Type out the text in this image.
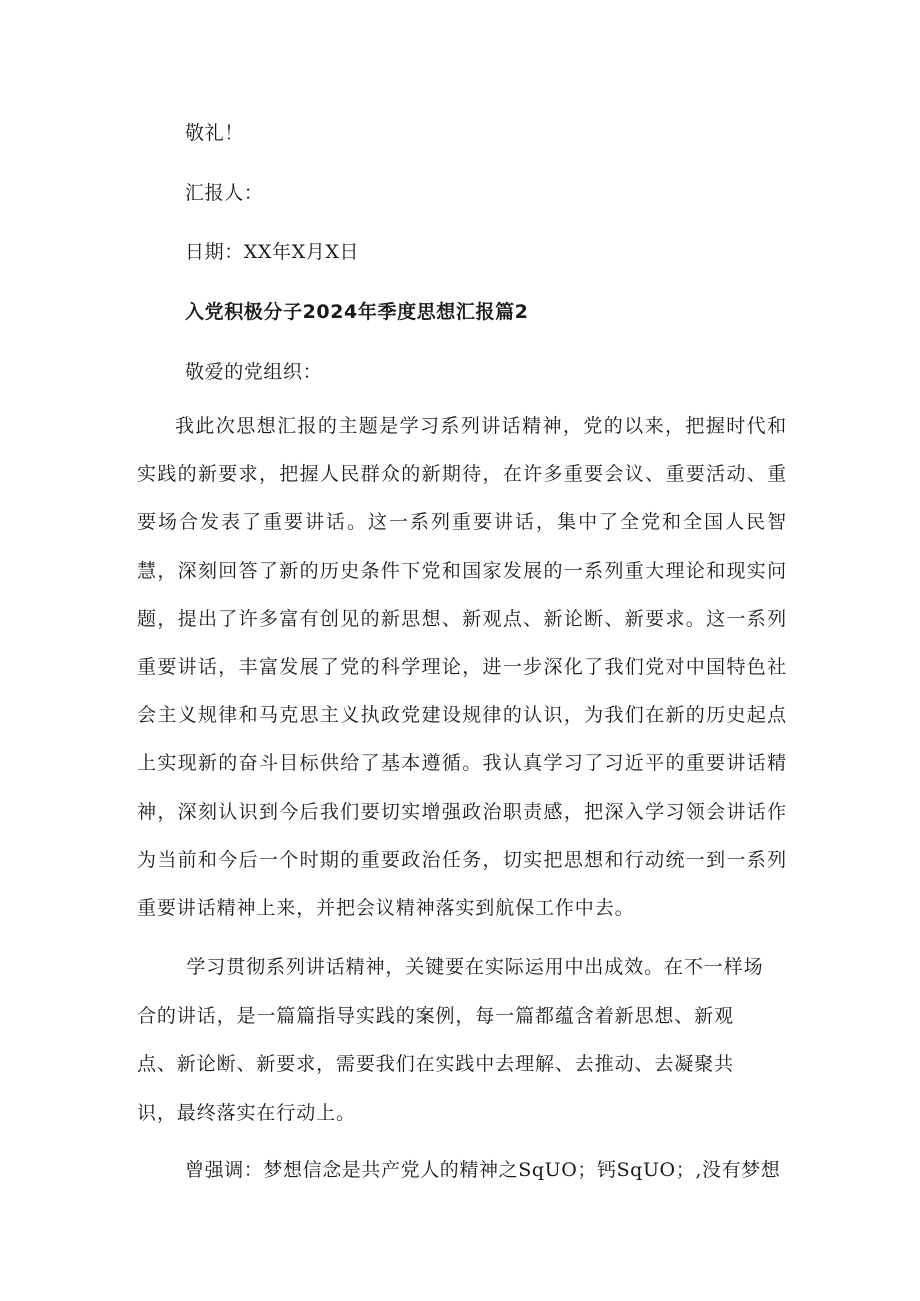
敬礼！
汇报人：
日期：XX年X月X日
入党积极分子2024年季度思想汇报篇2
敬爱的党组织：

我此次思想汇报的主题是学习系列讲话精神，党的以来，把握时代和实践的新要求，把握人民群众的新期待，在许多重要会议、重要活动、重要场合发表了重要讲话。这一系列重要讲话，集中了全党和全国人民智慧，深刻回答了新的历史条件下党和国家发展的一系列重大理论和现实问题，提出了许多富有创见的新思想、新观点、新论断、新要求。这一系列重要讲话，丰富发展了党的科学理论，进一步深化了我们党对中国特色社会主义规律和马克思主义执政党建设规律的认识，为我们在新的历史起点上实现新的奋斗目标供给了基本遵循。我认真学习了习近平的重要讲话精神，深刻认识到今后我们要切实增强政治职责感，把深入学习领会讲话作为当前和今后一个时期的重要政治任务，切实把思想和行动统一到一系列重要讲话精神上来，并把会议精神落实到航保工作中去。

学习贯彻系列讲话精神，关键要在实际运用中出成效。在不一样场
合的讲话，是一篇篇指导实践的案例，每一篇都蕴含着新思想、新观
点、新论断、新要求，需要我们在实践中去理解、去推动、去凝聚共
识，最终落实在行动上。
曾强调：梦想信念是共产党人的精神之SqUO；钙SqUO；,没有梦想
